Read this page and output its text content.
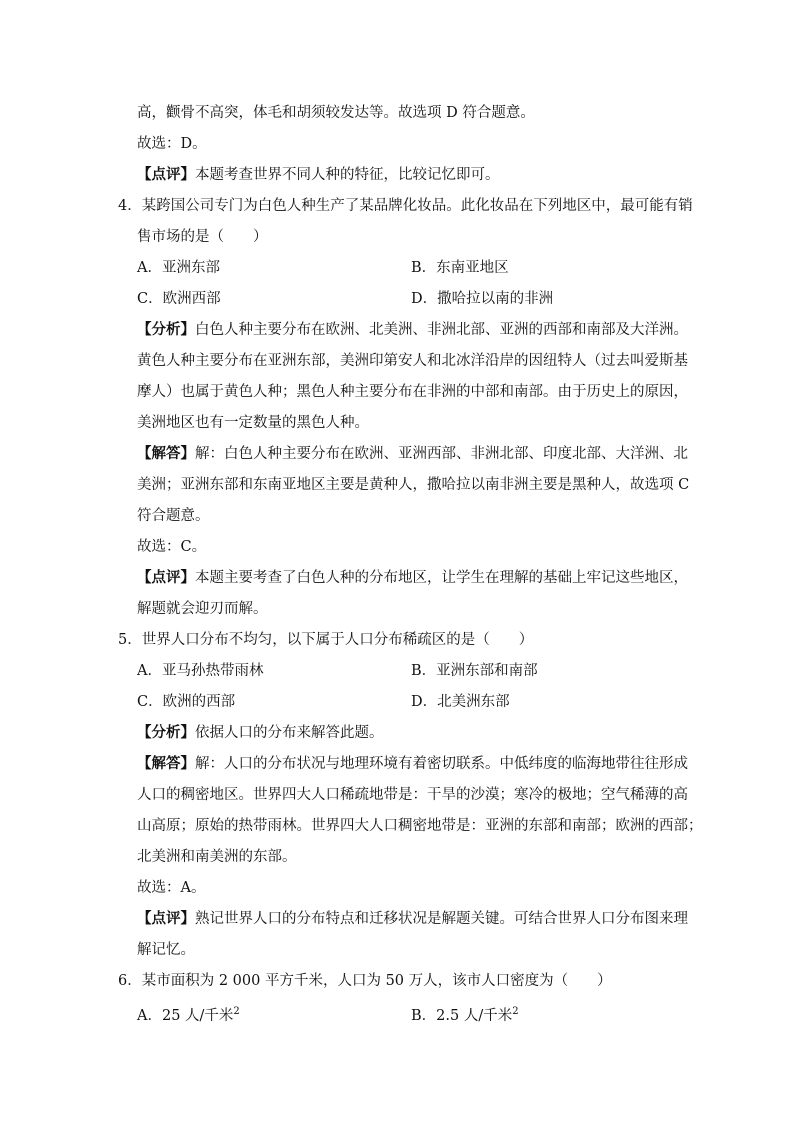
高，颧骨不高突，体毛和胡须较发达等。故选项 D 符合题意。
故选：D。
【点评】本题考查世界不同人种的特征，比较记忆即可。
4．某跨国公司专门为白色人种生产了某品牌化妆品。此化妆品在下列地区中，最可能有销
售市场的是（　　）
A．亚洲东部	B．东南亚地区
C．欧洲西部	D．撒哈拉以南的非洲
【分析】白色人种主要分布在欧洲、北美洲、非洲北部、亚洲的西部和南部及大洋洲。
黄色人种主要分布在亚洲东部，美洲印第安人和北冰洋沿岸的因纽特人（过去叫爱斯基
摩人）也属于黄色人种；黑色人种主要分布在非洲的中部和南部。由于历史上的原因，
美洲地区也有一定数量的黑色人种。
【解答】解：白色人种主要分布在欧洲、亚洲西部、非洲北部、印度北部、大洋洲、北
美洲；亚洲东部和东南亚地区主要是黄种人，撒哈拉以南非洲主要是黑种人，故选项 C
符合题意。
故选：C。
【点评】本题主要考查了白色人种的分布地区，让学生在理解的基础上牢记这些地区，
解题就会迎刃而解。
5．世界人口分布不均匀，以下属于人口分布稀疏区的是（　　）
A．亚马孙热带雨林	B．亚洲东部和南部
C．欧洲的西部	D．北美洲东部
【分析】依据人口的分布来解答此题。
【解答】解：人口的分布状况与地理环境有着密切联系。中低纬度的临海地带往往形成
人口的稠密地区。世界四大人口稀疏地带是：干旱的沙漠；寒冷的极地；空气稀薄的高
山高原；原始的热带雨林。世界四大人口稠密地带是：亚洲的东部和南部；欧洲的西部；
北美洲和南美洲的东部。
故选：A。
【点评】熟记世界人口的分布特点和迁移状况是解题关键。可结合世界人口分布图来理
解记忆。
6．某市面积为 2 000 平方千米，人口为 50 万人，该市人口密度为（　　）
A．25 人/千米$^2$	B．2.5 人/千米$^2$
